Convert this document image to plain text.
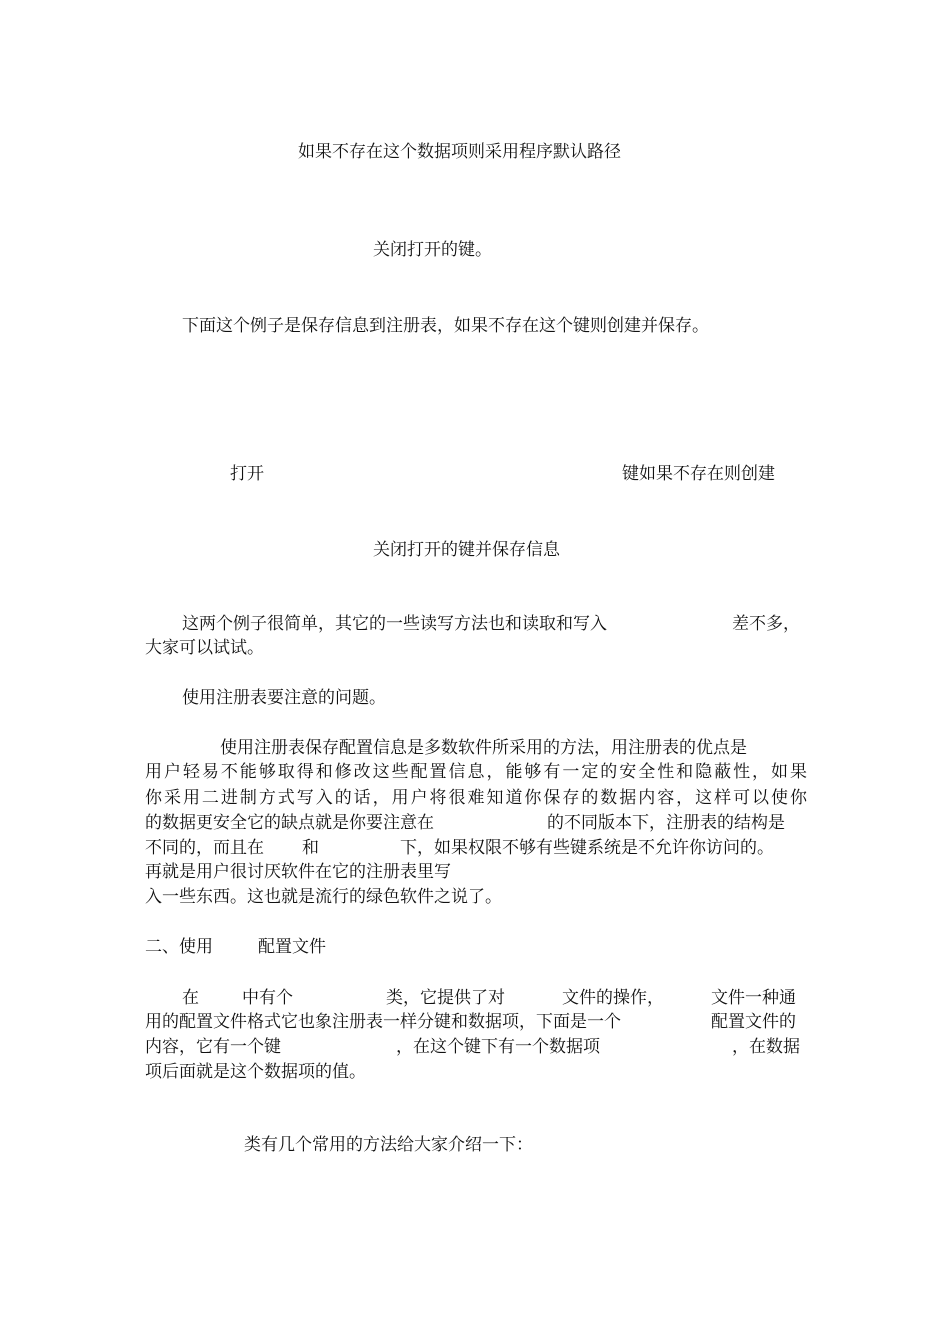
如果不存在这个数据项则采用程序默认路径
关闭打开的键。
下面这个例子是保存信息到注册表，如果不存在这个键则创建并保存。
打开	键如果不存在则创建
关闭打开的键并保存信息
这两个例子很简单，其它的一些读写方法也和读取和写入	差不多，
大家可以试试。
使用注册表要注意的问题。
使用注册表保存配置信息是多数软件所采用的方法，用注册表的优点是
用户轻易不能够取得和修改这些配置信息，能够有一定的安全性和隐蔽性，如果
你采用二进制方式写入的话，用户将很难知道你保存的数据内容，这样可以使你
的数据更安全它的缺点就是你要注意在	的不同版本下，注册表的结构是
不同的，而且在 和	下，如果权限不够有些键系统是不允许你访问的。
再就是用户很讨厌软件在它的注册表里写
入一些东西。这也就是流行的绿色软件之说了。
二、使用	配置文件
在	中有个	类，它提供了对	文件的操作，	文件一种通
用的配置文件格式它也象注册表一样分键和数据项，下面是一个	配置文件的
内容，它有一个键	，在这个键下有一个数据项	，在数据
项后面就是这个数据项的值。
类有几个常用的方法给大家介绍一下：
